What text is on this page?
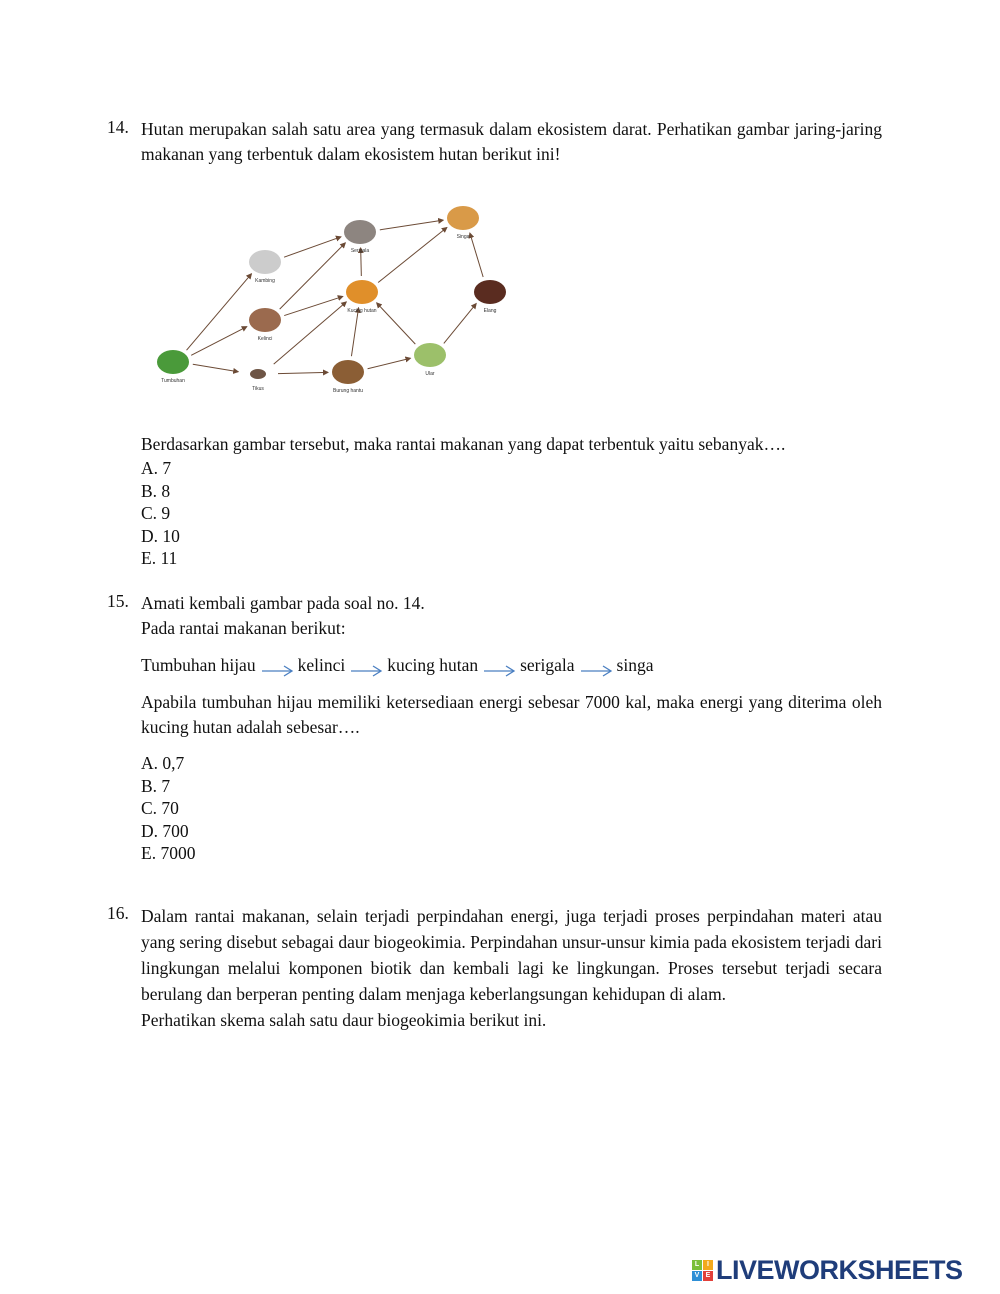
14. Hutan merupakan salah satu area yang termasuk dalam ekosistem darat. Perhatikan gambar jaring-jaring makanan yang terbentuk dalam ekosistem hutan berikut ini!
Tumbuhan
Kambing
Kelinci
Tikus
Serigala
Kucing hutan
Singa
Elang
Ular
Burung hantu
Berdasarkan gambar tersebut, maka rantai makanan yang dapat terbentuk yaitu sebanyak….
A. 7
B. 8
C. 9
D. 10
E. 11
15. Amati kembali gambar pada soal no. 14.
Pada rantai makanan berikut:
Tumbuhan hijau kelinci kucing hutan serigala singa
Apabila tumbuhan hijau memiliki ketersediaan energi sebesar 7000 kal, maka energi yang diterima oleh kucing hutan adalah sebesar….
A. 0,7
B. 7
C. 70
D. 700
E. 7000
16. Dalam rantai makanan, selain terjadi perpindahan energi, juga terjadi proses perpindahan materi atau yang sering disebut sebagai daur biogeokimia. Perpindahan unsur-unsur kimia pada ekosistem terjadi dari lingkungan melalui komponen biotik dan kembali lagi ke lingkungan. Proses tersebut terjadi secara berulang dan berperan penting dalam menjaga keberlangsungan kehidupan di alam.
Perhatikan skema salah satu daur biogeokimia berikut ini.
L	I
V E LIVEWORKSHEETS
